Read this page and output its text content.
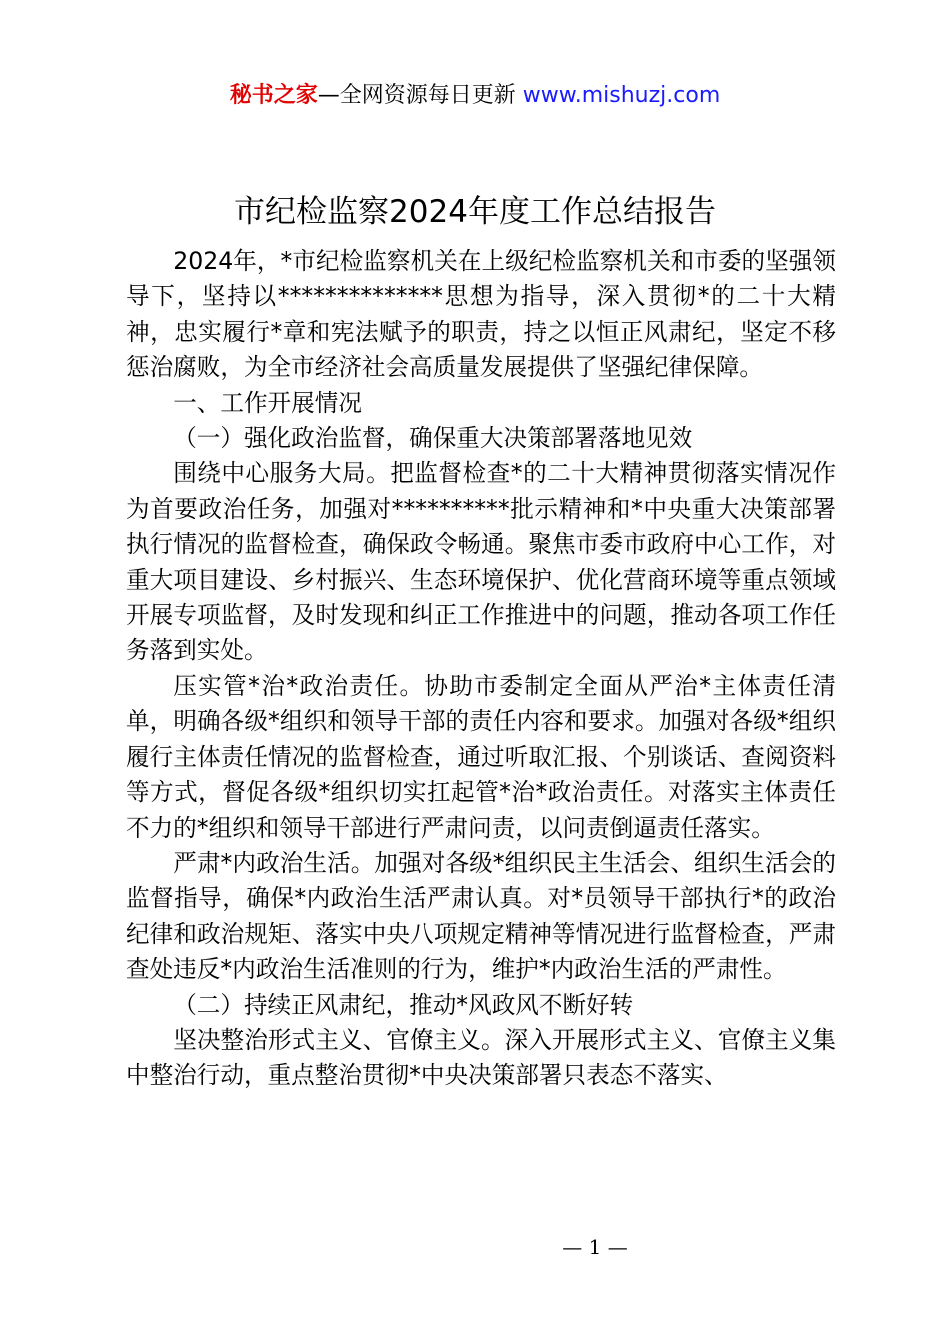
秘书之家—全网资源每日更新 www.mishuzj.com
市纪检监察2024年度工作总结报告

2024年，*市纪检监察机关在上级纪检监察机关和市委的坚强领导下，坚持以**************思想为指导，深入贯彻*的二十大精神，忠实履行*章和宪法赋予的职责，持之以恒正风肃纪，坚定不移惩治腐败，为全市经济社会高质量发展提供了坚强纪律保障。

一、工作开展情况

（一）强化政治监督，确保重大决策部署落地见效

围绕中心服务大局。把监督检查*的二十大精神贯彻落实情况作为首要政治任务，加强对**********批示精神和*中央重大决策部署执行情况的监督检查，确保政令畅通。聚焦市委市政府中心工作，对重大项目建设、乡村振兴、生态环境保护、优化营商环境等重点领域开展专项监督，及时发现和纠正工作推进中的问题，推动各项工作任务落到实处。

压实管*治*政治责任。协助市委制定全面从严治*主体责任清单，明确各级*组织和领导干部的责任内容和要求。加强对各级*组织履行主体责任情况的监督检查，通过听取汇报、个别谈话、查阅资料等方式，督促各级*组织切实扛起管*治*政治责任。对落实主体责任不力的*组织和领导干部进行严肃问责，以问责倒逼责任落实。

严肃*内政治生活。加强对各级*组织民主生活会、组织生活会的监督指导，确保*内政治生活严肃认真。对*员领导干部执行*的政治纪律和政治规矩、落实中央八项规定精神等情况进行监督检查，严肃查处违反*内政治生活准则的行为，维护*内政治生活的严肃性。

（二）持续正风肃纪，推动*风政风不断好转

坚决整治形式主义、官僚主义。深入开展形式主义、官僚主义集中整治行动，重点整治贯彻*中央决策部署只表态不落实、

— 1 —
